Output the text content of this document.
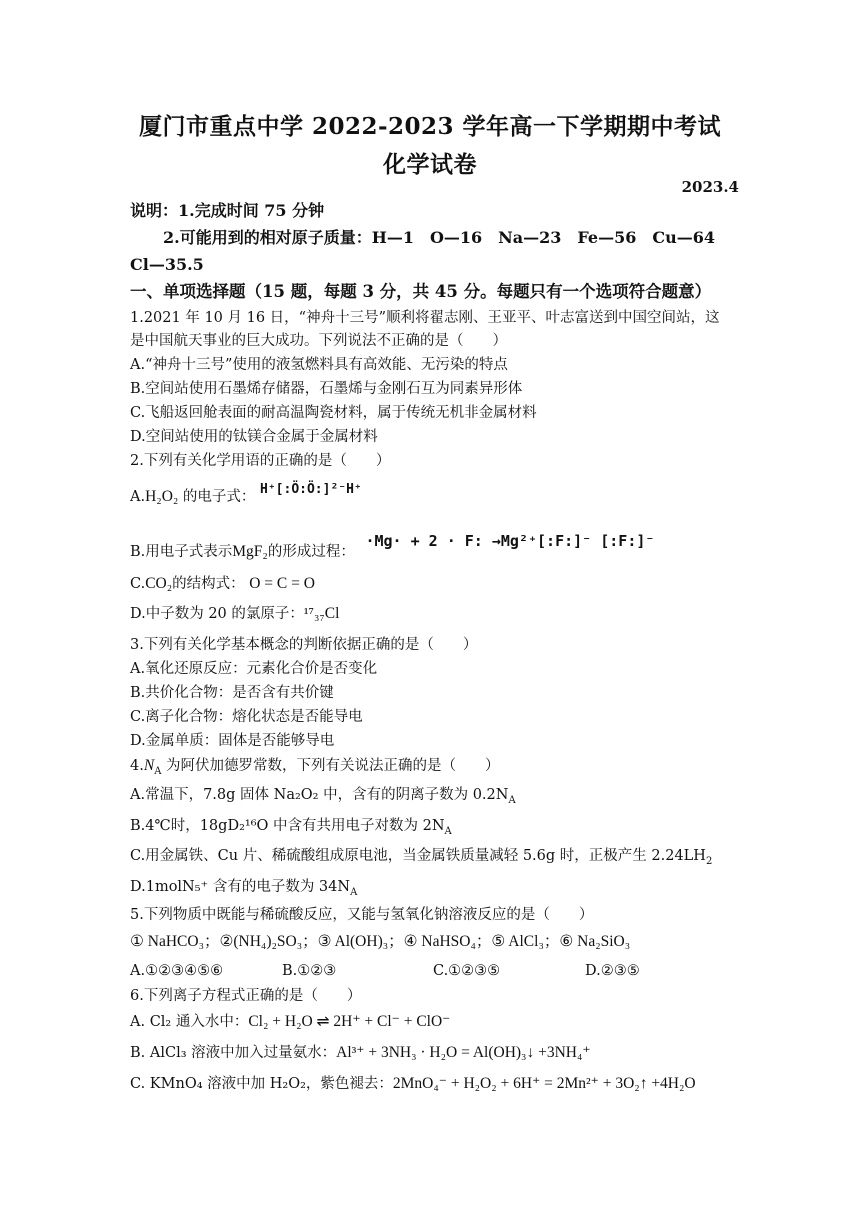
厦门市重点中学 2022-2023 学年高一下学期期中考试
化学试卷
2023.4
说明：1.完成时间 75 分钟
2.可能用到的相对原子质量：H—1　O—16　Na—23　Fe—56　Cu—64
Cl—35.5
一、单项选择题（15 题，每题 3 分，共 45 分。每题只有一个选项符合题意）
1.2021 年 10 月 16 日，“神舟十三号”顺利将翟志刚、王亚平、叶志富送到中国空间站，这
是中国航天事业的巨大成功。下列说法不正确的是（　　）
A.“神舟十三号”使用的液氢燃料具有高效能、无污染的特点
B.空间站使用石墨烯存储器，石墨烯与金刚石互为同素异形体
C.飞船返回舱表面的耐高温陶瓷材料，属于传统无机非金属材料
D.空间站使用的钛镁合金属于金属材料
2.下列有关化学用语的正确的是（　　）
A.H₂O₂ 的电子式： H⁺[:Ö:Ö:]²⁻H⁺
B.用电子式表示MgF₂的形成过程： ·Mg· + 2 · F: →Mg²⁺[:F:]⁻ [:F:]⁻
C.CO₂的结构式： O = C = O
D.中子数为 20 的氯原子：¹⁷₃₇Cl
3.下列有关化学基本概念的判断依据正确的是（　　）
A.氧化还原反应：元素化合价是否变化
B.共价化合物：是否含有共价键
C.离子化合物：熔化状态是否能导电
D.金属单质：固体是否能够导电
$4.N_A$ 为阿伏加德罗常数，下列有关说法正确的是（　　）
A.常温下，7.8g 固体 Na₂O₂ 中，含有的阴离子数为 $0.2N_A$
B.4℃时，18gD₂¹⁶O 中含有共用电子对数为 $2N_A$
C.用金属铁、Cu 片、稀硫酸组成原电池，当金属铁质量减轻 5.6g 时，正极产生 $2.24LH_2$
D.1molN₅⁺ 含有的电子数为 $34N_A$
5.下列物质中既能与稀硫酸反应，又能与氢氧化钠溶液反应的是（　　）
① NaHCO₃；②(NH₄)₂SO₃；③ Al(OH)₃；④ NaHSO₄；⑤ AlCl₃；⑥ Na₂SiO₃
A.①②③④⑤⑥	B.①②③	C.①②③⑤	D.②③⑤
6.下列离子方程式正确的是（　　）
A. Cl₂ 通入水中：Cl₂ + H₂O ⇌ 2H⁺ + Cl⁻ + ClO⁻
B. AlCl₃ 溶液中加入过量氨水：Al³⁺ + 3NH₃ · H₂O = Al(OH)₃↓ +3NH₄⁺
C. KMnO₄ 溶液中加 H₂O₂，紫色褪去：2MnO₄⁻ + H₂O₂ + 6H⁺ = 2Mn²⁺ + 3O₂↑ +4H₂O
